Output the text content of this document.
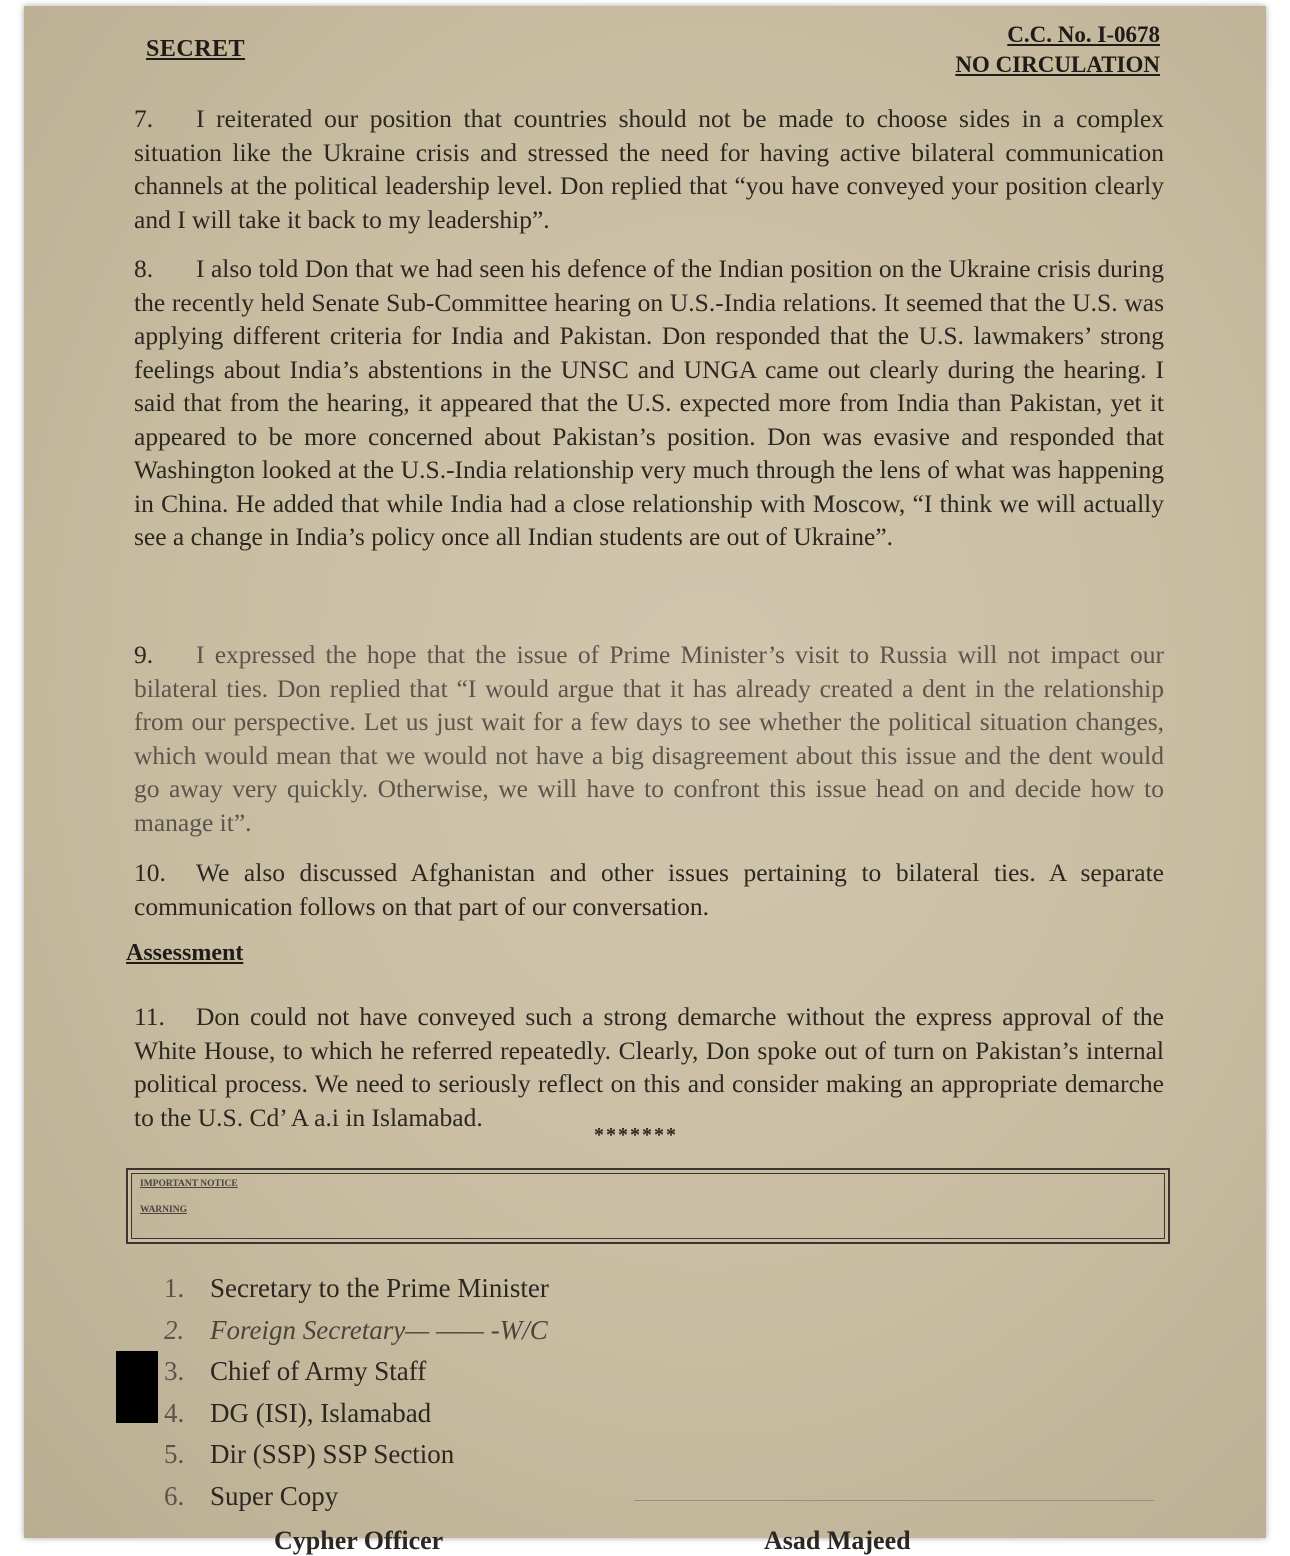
SECRET
C.C. No. I-0678
NO CIRCULATION
7. I reiterated our position that countries should not be made to choose sides in a complex situation like the Ukraine crisis and stressed the need for having active bilateral communication channels at the political leadership level. Don replied that “you have conveyed your position clearly and I will take it back to my leadership”.
8. I also told Don that we had seen his defence of the Indian position on the Ukraine crisis during the recently held Senate Sub-Committee hearing on U.S.-India relations. It seemed that the U.S. was applying different criteria for India and Pakistan. Don responded that the U.S. lawmakers’ strong feelings about India’s abstentions in the UNSC and UNGA came out clearly during the hearing. I said that from the hearing, it appeared that the U.S. expected more from India than Pakistan, yet it appeared to be more concerned about Pakistan’s position. Don was evasive and responded that Washington looked at the U.S.-India relationship very much through the lens of what was happening in China. He added that while India had a close relationship with Moscow, “I think we will actually see a change in India’s policy once all Indian students are out of Ukraine”.
9. I expressed the hope that the issue of Prime Minister’s visit to Russia will not impact our bilateral ties. Don replied that “I would argue that it has already created a dent in the relationship from our perspective. Let us just wait for a few days to see whether the political situation changes, which would mean that we would not have a big disagreement about this issue and the dent would go away very quickly. Otherwise, we will have to confront this issue head on and decide how to manage it”.
10. We also discussed Afghanistan and other issues pertaining to bilateral ties. A separate communication follows on that part of our conversation.
Assessment
11. Don could not have conveyed such a strong demarche without the express approval of the White House, to which he referred repeatedly. Clearly, Don spoke out of turn on Pakistan’s internal political process. We need to seriously reflect on this and consider making an appropriate demarche to the U.S. Cd’ A a.i in Islamabad.
*******
IMPORTANT NOTICE

WARNING
1. Secretary to the Prime Minister
2. Foreign Secretary— —— -W/C
3. Chief of Army Staff
4. DG (ISI), Islamabad
5. Dir (SSP) SSP Section
6. Super Copy
Cypher Officer	Asad Majeed
